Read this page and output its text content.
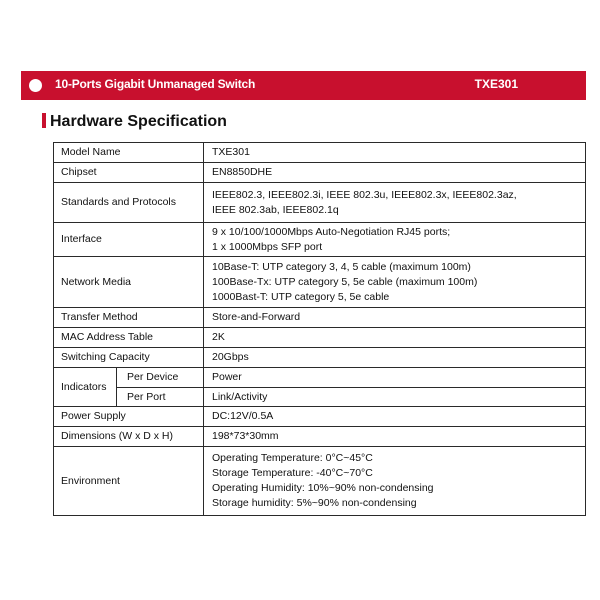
10-Ports Gigabit Unmanaged Switch	TXE301
Hardware Specification
Model Name		TXE301
Chipset		EN8850DHE
Standards and Protocols		IEEE802.3, IEEE802.3i, IEEE 802.3u, IEEE802.3x, IEEE802.3az,
IEEE 802.3ab, IEEE802.1q

Interface		9 x 10/100/1000Mbps Auto-Negotiation RJ45 ports;
1 x 1000Mbps SFP port

Network Media		10Base-T: UTP category 3, 4, 5 cable (maximum 100m)
100Base-Tx: UTP category 5, 5e cable (maximum 100m)
1000Bast-T: UTP category 5, 5e cable

Transfer Method		Store-and-Forward
MAC Address Table		2K
Switching Capacity		20Gbps
Indicators	Per Device	Power
	Per Port	Link/Activity
Power Supply		DC:12V/0.5A
Dimensions (W x D x H)		198*73*30mm
Environment		Operating Temperature: 0°C~45°C
Storage Temperature: -40°C~70°C
Operating Humidity: 10%~90% non-condensing
Storage humidity: 5%~90% non-condensing
